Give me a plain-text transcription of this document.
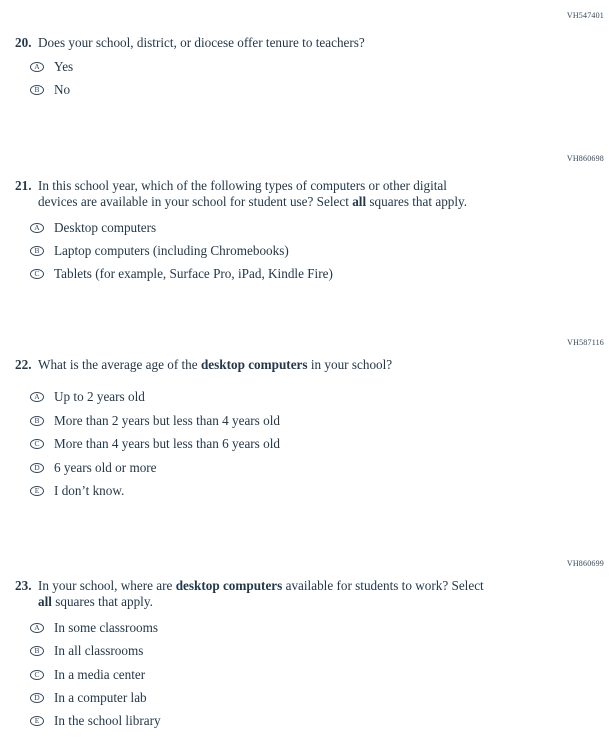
VH547401
20. Does your school, district, or diocese offer tenure to teachers?
A	Yes
B	No
VH860698
21. In this school year, which of the following types of computers or other digital
devices are available in your school for student use? Select all squares that apply.
A	Desktop computers
B	Laptop computers (including Chromebooks)
C	Tablets (for example, Surface Pro, iPad, Kindle Fire)
VH587116
22. What is the average age of the desktop computers in your school?
A	Up to 2 years old
B	More than 2 years but less than 4 years old
C	More than 4 years but less than 6 years old
D	6 years old or more
E	I don’t know.
VH860699
23. In your school, where are desktop computers available for students to work? Select
all squares that apply.
A	In some classrooms
B	In all classrooms
C	In a media center
D	In a computer lab
E	In the school library
